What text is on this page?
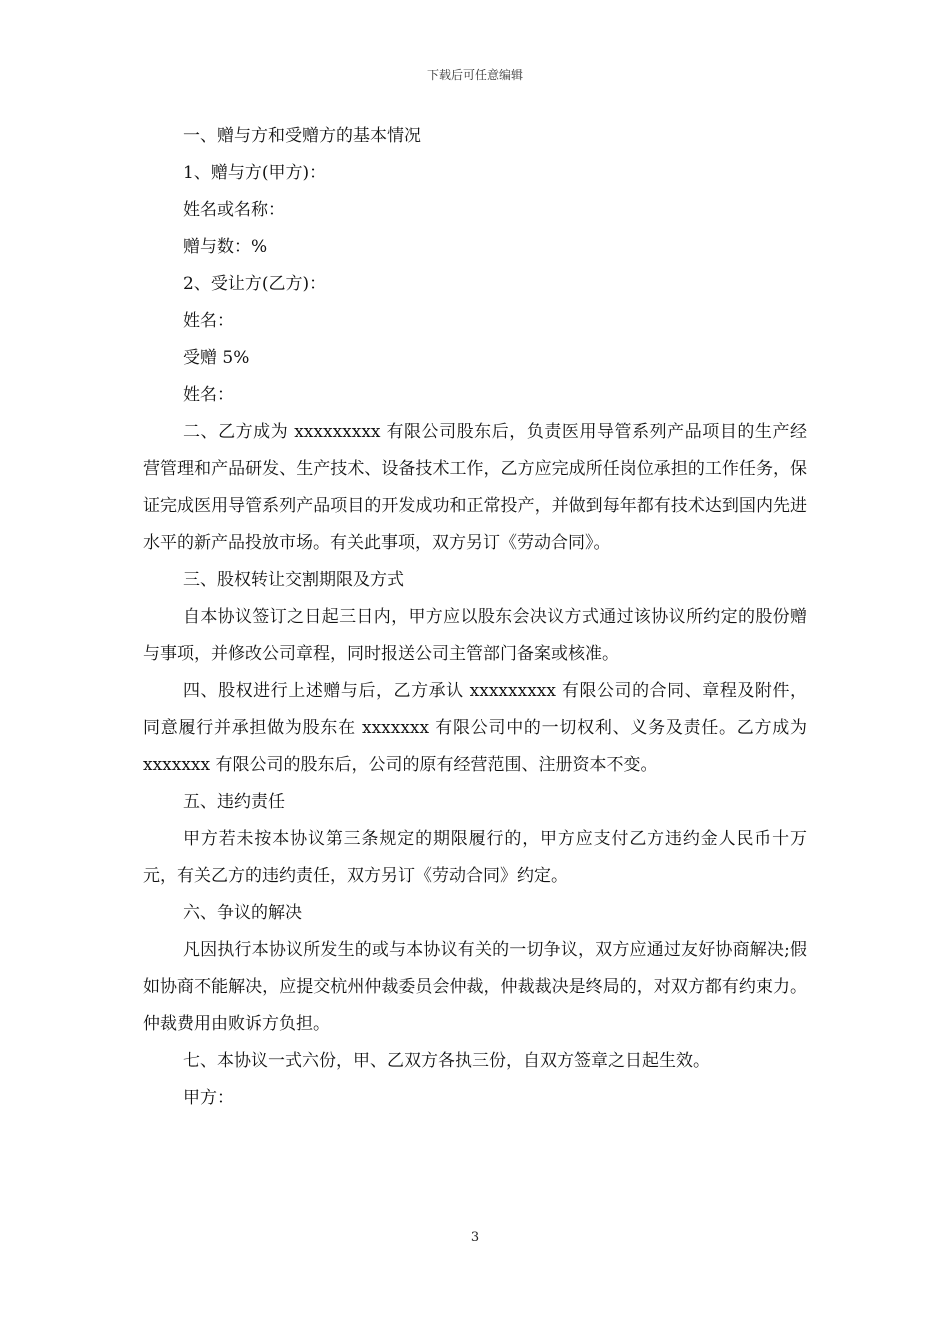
下载后可任意编辑

一、赠与方和受赠方的基本情况

1、赠与方(甲方)：

姓名或名称：

赠与数：%

2、受让方(乙方)：

姓名：

受赠 5%

姓名：

二、乙方成为 xxxxxxxxx 有限公司股东后，负责医用导管系列产品项目的生产经营管理和产品研发、生产技术、设备技术工作，乙方应完成所任岗位承担的工作任务，保证完成医用导管系列产品项目的开发成功和正常投产，并做到每年都有技术达到国内先进水平的新产品投放市场。有关此事项，双方另订《劳动合同》。

三、股权转让交割期限及方式

自本协议签订之日起三日内，甲方应以股东会决议方式通过该协议所约定的股份赠与事项，并修改公司章程，同时报送公司主管部门备案或核准。

四、股权进行上述赠与后，乙方承认 xxxxxxxxx 有限公司的合同、章程及附件，同意履行并承担做为股东在 xxxxxxx 有限公司中的一切权利、义务及责任。乙方成为 xxxxxxx 有限公司的股东后，公司的原有经营范围、注册资本不变。

五、违约责任

甲方若未按本协议第三条规定的期限履行的，甲方应支付乙方违约金人民币十万元，有关乙方的违约责任，双方另订《劳动合同》约定。

六、争议的解决

凡因执行本协议所发生的或与本协议有关的一切争议，双方应通过友好协商解决;假如协商不能解决，应提交杭州仲裁委员会仲裁，仲裁裁决是终局的，对双方都有约束力。仲裁费用由败诉方负担。

七、本协议一式六份，甲、乙双方各执三份，自双方签章之日起生效。

甲方：

3
